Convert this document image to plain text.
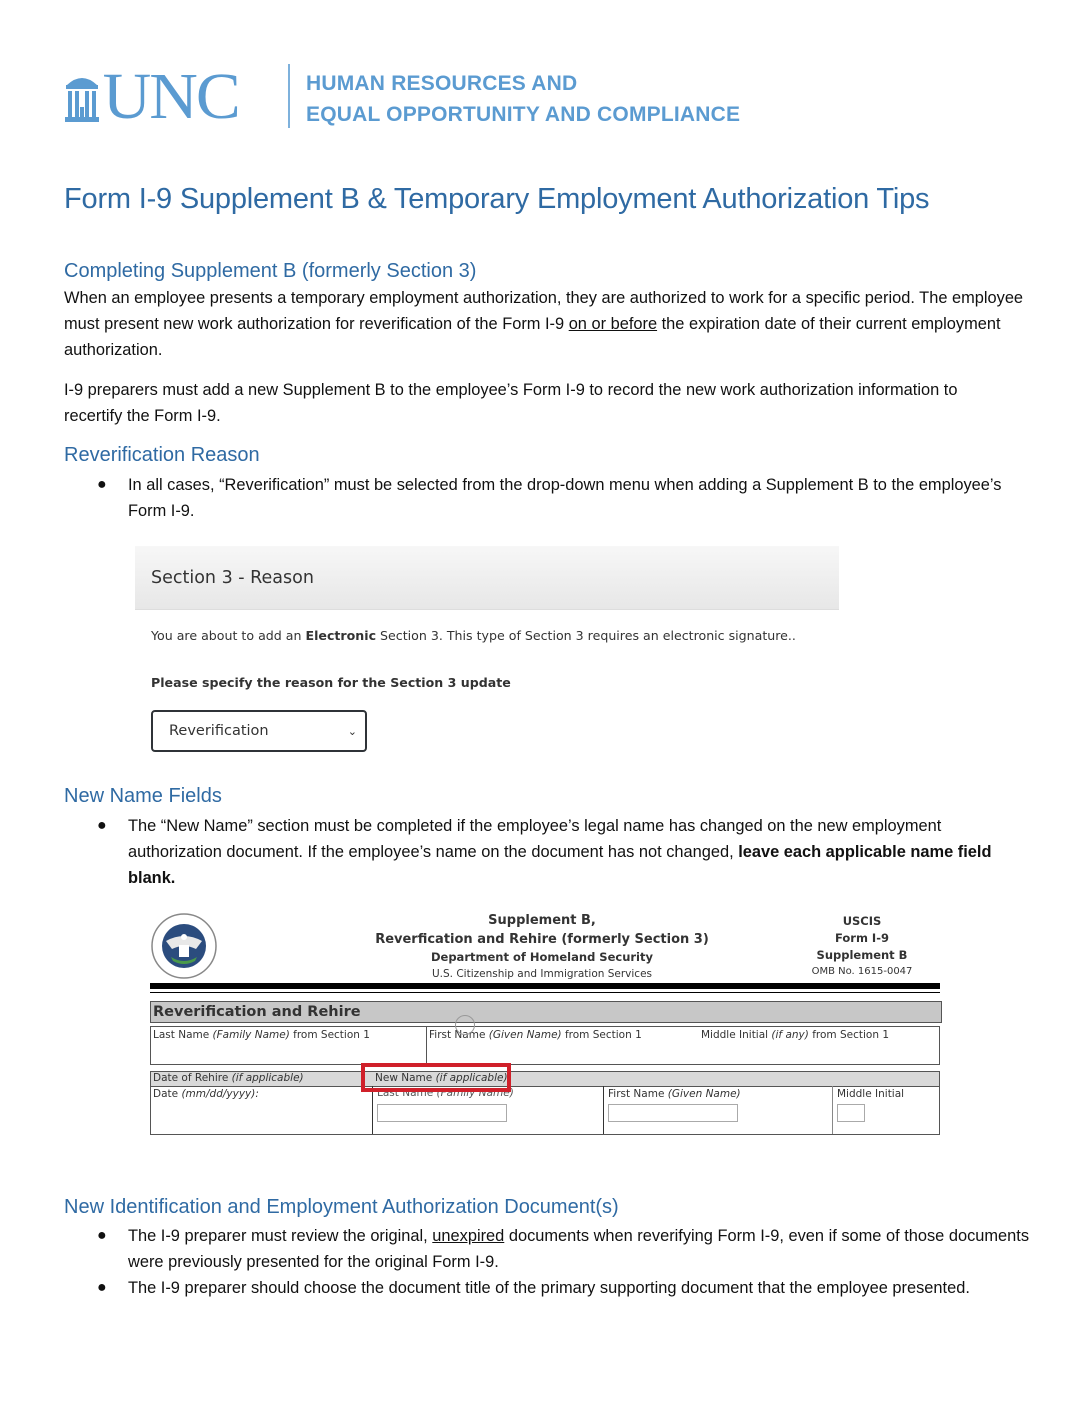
UNC	HUMAN RESOURCES AND
EQUAL OPPORTUNITY AND COMPLIANCE
Form I-9 Supplement B & Temporary Employment Authorization Tips
Completing Supplement B (formerly Section 3)
When an employee presents a temporary employment authorization, they are authorized to work for a specific period. The employee must present new work authorization for reverification of the Form I-9 on or before the expiration date of their current employment authorization.
I-9 preparers must add a new Supplement B to the employee’s Form I-9 to record the new work authorization information to recertify the Form I-9.
Reverification Reason
● In all cases, “Reverification” must be selected from the drop-down menu when adding a Supplement B to the employee’s Form I-9.
Section 3 - Reason
You are about to add an Electronic Section 3. This type of Section 3 requires an electronic signature..
Please specify the reason for the Section 3 update
Reverification	⌄
New Name Fields
● The “New Name” section must be completed if the employee’s legal name has changed on the new employment authorization document. If the employee’s name on the document has not changed, leave each applicable name field blank.
Supplement B,
Reverfication and Rehire (formerly Section 3)
Department of Homeland Security
U.S. Citizenship and Immigration Services
USCIS
Form I-9
Supplement B
OMB No. 1615-0047
Reverification and Rehire
Last Name (Family Name) from Section 1	First Name (Given Name) from Section 1	Middle Initial (if any) from Section 1
Date of Rehire (if applicable)	New Name (if applicable)
Date (mm/dd/yyyy):	Last Name (Family Name)	First Name (Given Name)	Middle Initial
New Identification and Employment Authorization Document(s)
● The I-9 preparer must review the original, unexpired documents when reverifying Form I-9, even if some of those documents were previously presented for the original Form I-9.
● The I-9 preparer should choose the document title of the primary supporting document that the employee presented.
